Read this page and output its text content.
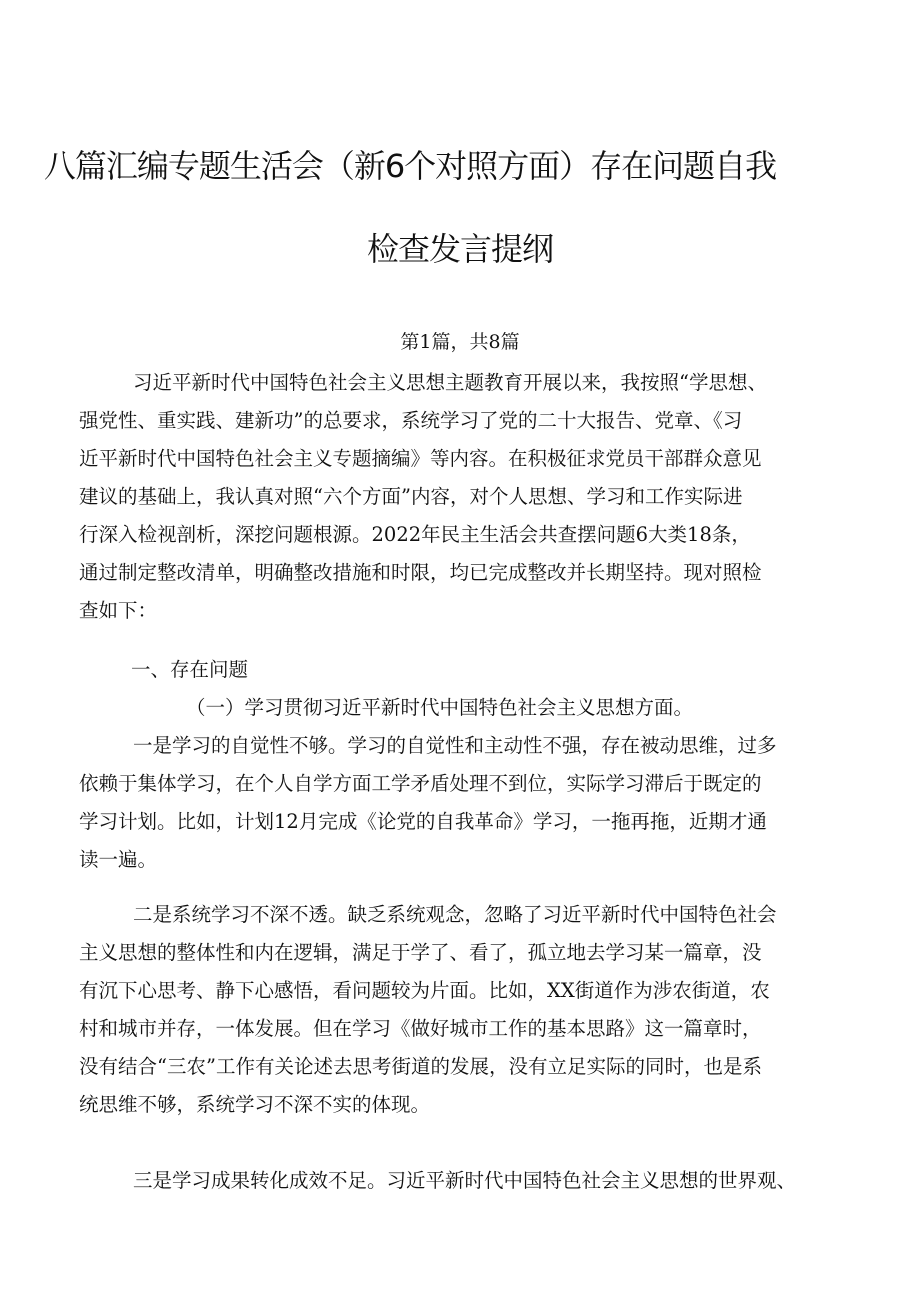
八篇汇编专题生活会（新6个对照方面）存在问题自我
检查发言提纲
第1篇，共8篇
习近平新时代中国特色社会主义思想主题教育开展以来，我按照“学思想、
强党性、重实践、建新功”的总要求，系统学习了党的二十大报告、党章、《习
近平新时代中国特色社会主义专题摘编》等内容。在积极征求党员干部群众意见
建议的基础上，我认真对照“六个方面”内容，对个人思想、学习和工作实际进
行深入检视剖析，深挖问题根源。2022年民主生活会共查摆问题6大类18条，
通过制定整改清单，明确整改措施和时限，均已完成整改并长期坚持。现对照检
查如下：
一、存在问题
（一）学习贯彻习近平新时代中国特色社会主义思想方面。
一是学习的自觉性不够。学习的自觉性和主动性不强，存在被动思维，过多
依赖于集体学习，在个人自学方面工学矛盾处理不到位，实际学习滞后于既定的
学习计划。比如，计划12月完成《论党的自我革命》学习，一拖再拖，近期才通
读一遍。
二是系统学习不深不透。缺乏系统观念，忽略了习近平新时代中国特色社会
主义思想的整体性和内在逻辑，满足于学了、看了，孤立地去学习某一篇章，没
有沉下心思考、静下心感悟，看问题较为片面。比如，XX街道作为涉农街道，农
村和城市并存，一体发展。但在学习《做好城市工作的基本思路》这一篇章时，
没有结合“三农”工作有关论述去思考街道的发展，没有立足实际的同时，也是系
统思维不够，系统学习不深不实的体现。
三是学习成果转化成效不足。习近平新时代中国特色社会主义思想的世界观、
